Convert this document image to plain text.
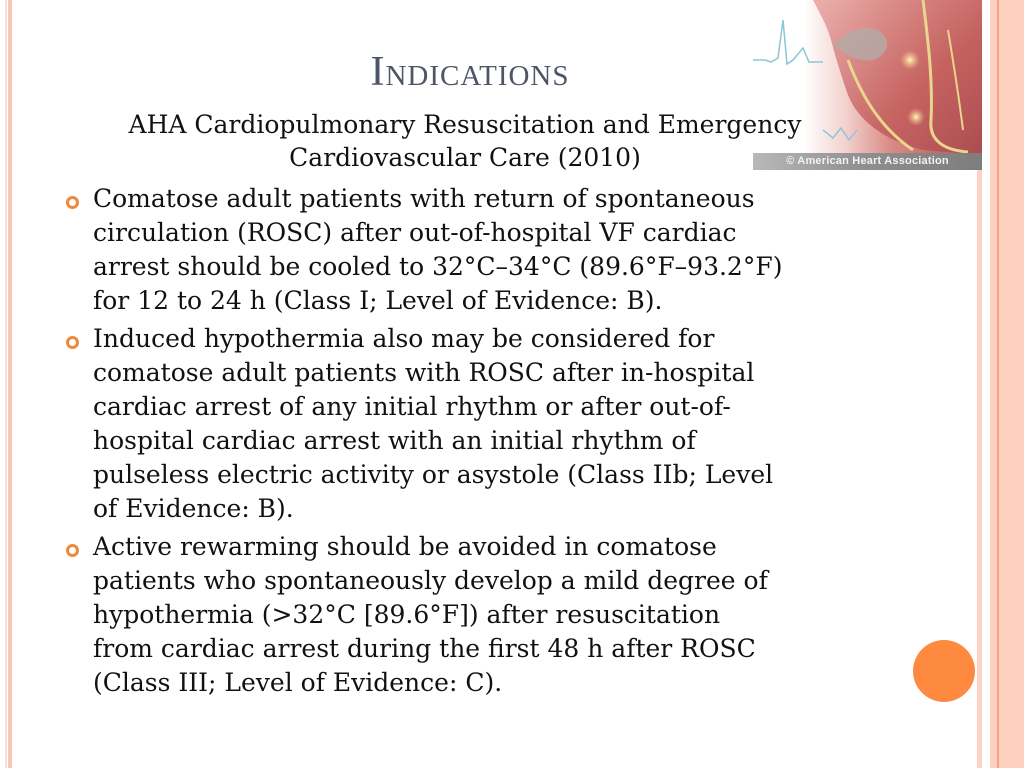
© American Heart Association
Indications
AHA Cardiopulmonary Resuscitation and Emergency
Cardiovascular Care (2010)
Comatose adult patients with return of spontaneous
circulation (ROSC) after out-of-hospital VF cardiac
arrest should be cooled to 32°C–34°C (89.6°F–93.2°F)
for 12 to 24 h (Class I; Level of Evidence: B).
Induced hypothermia also may be considered for
comatose adult patients with ROSC after in-hospital
cardiac arrest of any initial rhythm or after out-of-
hospital cardiac arrest with an initial rhythm of
pulseless electric activity or asystole (Class IIb; Level
of Evidence: B).
Active rewarming should be avoided in comatose
patients who spontaneously develop a mild degree of
hypothermia (>32°C [89.6°F]) after resuscitation
from cardiac arrest during the first 48 h after ROSC
(Class III; Level of Evidence: C).
